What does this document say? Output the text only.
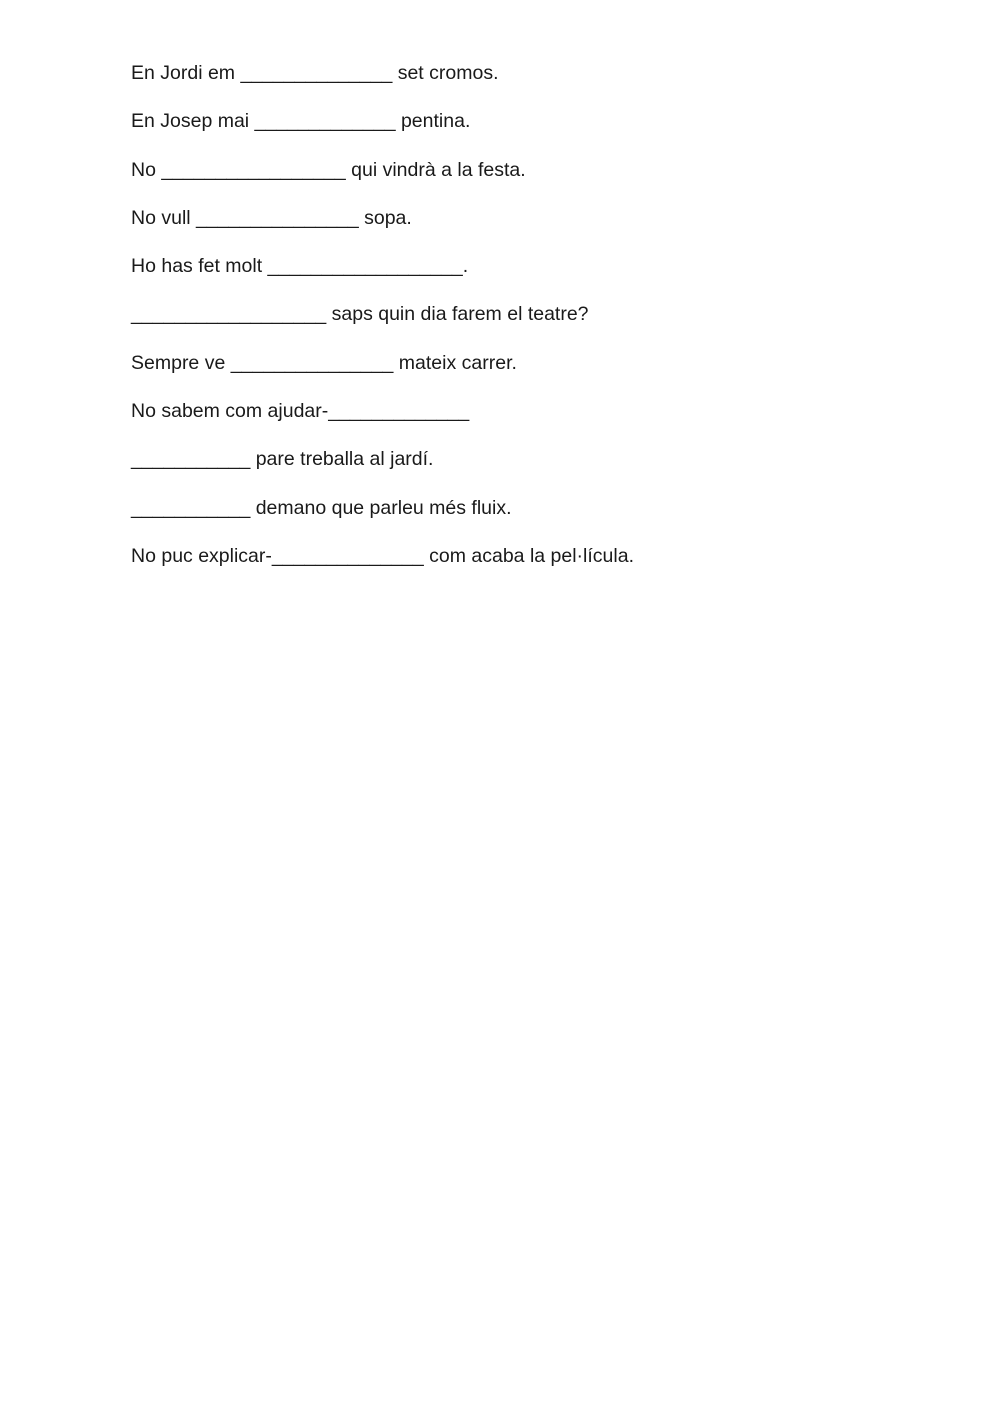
En Jordi em ______________ set cromos.

En Josep mai _____________ pentina.

No _________________ qui vindrà a la festa.

No vull _______________ sopa.

Ho has fet molt __________________.

__________________ saps quin dia farem el teatre?

Sempre ve _______________ mateix carrer.

No sabem com ajudar-_____________

___________ pare treballa al jardí.

___________ demano que parleu més fluix.

No puc explicar-______________ com acaba la pel·lícula.
